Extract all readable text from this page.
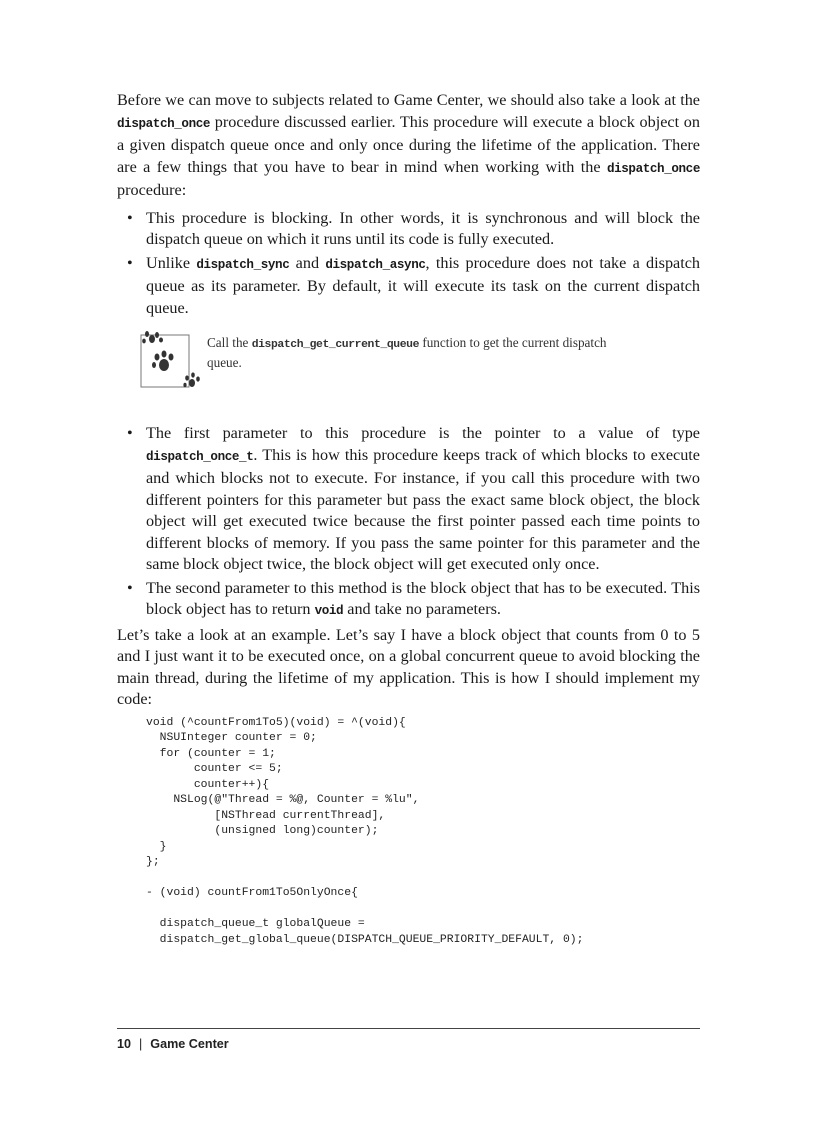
Before we can move to subjects related to Game Center, we should also take a look at the dispatch_once procedure discussed earlier. This procedure will execute a block object on a given dispatch queue once and only once during the lifetime of the application. There are a few things that you have to bear in mind when working with the dispatch_once procedure:

• This procedure is blocking. In other words, it is synchronous and will block the dispatch queue on which it runs until its code is fully executed.
• Unlike dispatch_sync and dispatch_async, this procedure does not take a dispatch queue as its parameter. By default, it will execute its task on the current dispatch queue.
Call the dispatch_get_current_queue function to get the current dispatch queue.
• The first parameter to this procedure is the pointer to a value of type dispatch_once_t. This is how this procedure keeps track of which blocks to execute and which blocks not to execute. For instance, if you call this procedure with two different pointers for this parameter but pass the exact same block object, the block object will get executed twice because the first pointer passed each time points to different blocks of memory. If you pass the same pointer for this parameter and the same block object twice, the block object will get executed only once.
• The second parameter to this method is the block object that has to be executed. This block object has to return void and take no parameters.

Let’s take a look at an example. Let’s say I have a block object that counts from 0 to 5 and I just want it to be executed once, on a global concurrent queue to avoid blocking the main thread, during the lifetime of my application. This is how I should implement my code:

void (^countFrom1To5)(void) = ^(void){
NSUInteger counter = 0;
for (counter = 1;
counter <= 5;
counter++){
NSLog(@"Thread = %@, Counter = %lu",
[NSThread currentThread],
(unsigned long)counter);
}
};

- (void) countFrom1To5OnlyOnce{

dispatch_queue_t globalQueue =
dispatch_get_global_queue(DISPATCH_QUEUE_PRIORITY_DEFAULT, 0);
10 | Game Center
